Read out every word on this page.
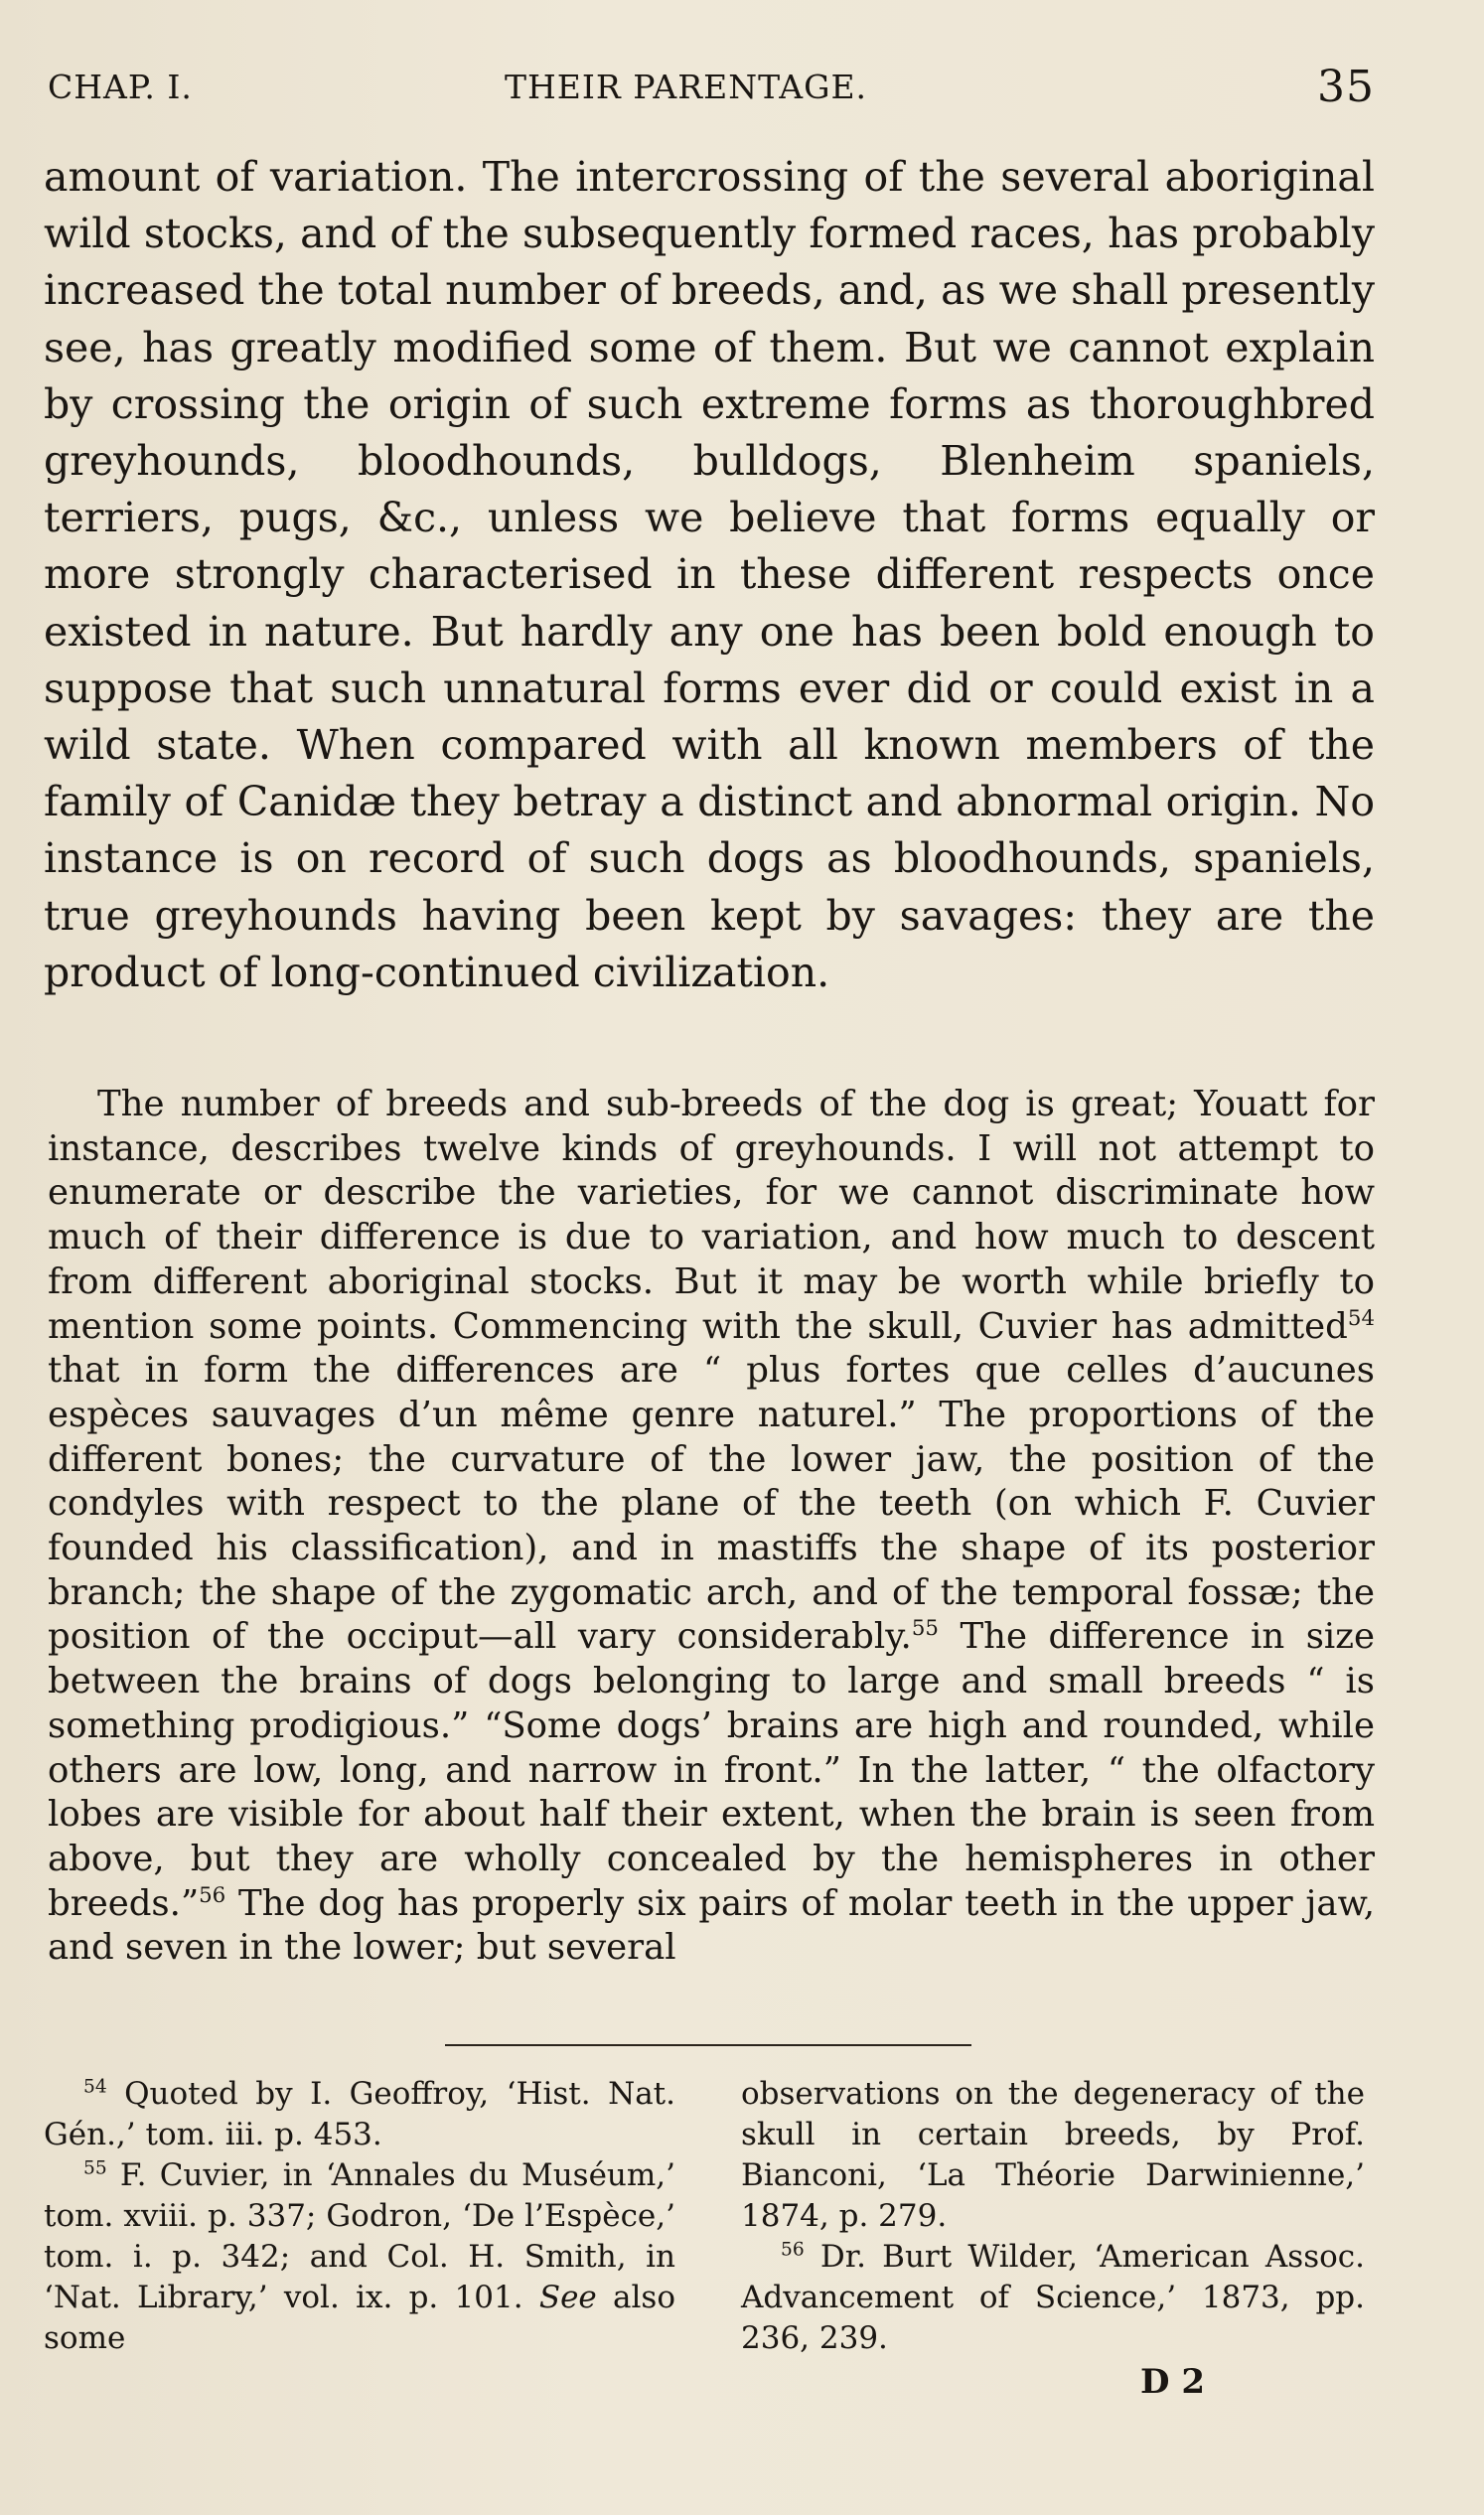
CHAP. I.	THEIR PARENTAGE.	35

amount of variation. The intercrossing of the several aboriginal wild stocks, and of the subsequently formed races, has probably increased the total number of breeds, and, as we shall presently see, has greatly modified some of them. But we cannot explain by crossing the origin of such extreme forms as thoroughbred greyhounds, bloodhounds, bulldogs, Blenheim spaniels, terriers, pugs, &c., unless we believe that forms equally or more strongly characterised in these different respects once existed in nature. But hardly any one has been bold enough to suppose that such unnatural forms ever did or could exist in a wild state. When compared with all known members of the family of Canidæ they betray a distinct and abnormal origin. No instance is on record of such dogs as bloodhounds, spaniels, true greyhounds having been kept by savages: they are the product of long-continued civilization.

The number of breeds and sub-breeds of the dog is great; Youatt for instance, describes twelve kinds of greyhounds. I will not attempt to enumerate or describe the varieties, for we cannot discriminate how much of their difference is due to variation, and how much to descent from different aboriginal stocks. But it may be worth while briefly to mention some points. Commencing with the skull, Cuvier has admitted$^{54}$ that in form the differences are “ plus fortes que celles d’aucunes espèces sauvages d’un même genre naturel.” The proportions of the different bones; the curvature of the lower jaw, the position of the condyles with respect to the plane of the teeth (on which F. Cuvier founded his classification), and in mastiffs the shape of its posterior branch; the shape of the zygomatic arch, and of the temporal fossæ; the position of the occiput—all vary considerably.$^{55}$ The difference in size between the brains of dogs belonging to large and small breeds “ is something prodigious.” “Some dogs’ brains are high and rounded, while others are low, long, and narrow in front.” In the latter, “ the olfactory lobes are visible for about half their extent, when the brain is seen from above, but they are wholly concealed by the hemispheres in other breeds.”$^{56}$ The dog has properly six pairs of molar teeth in the upper jaw, and seven in the lower; but several

$^{54}$ Quoted by I. Geoffroy, ‘Hist. Nat. Gén.,’ tom. iii. p. 453.

$^{55}$ F. Cuvier, in ‘Annales du Muséum,’ tom. xviii. p. 337; Godron, ‘De l’Espèce,’ tom. i. p. 342; and Col. H. Smith, in ‘Nat. Library,’ vol. ix. p. 101. See also some

observations on the degeneracy of the skull in certain breeds, by Prof. Bianconi, ‘La Théorie Darwinienne,’ 1874, p. 279.

$^{56}$ Dr. Burt Wilder, ‘American Assoc. Advancement of Science,’ 1873, pp. 236, 239.

D 2
